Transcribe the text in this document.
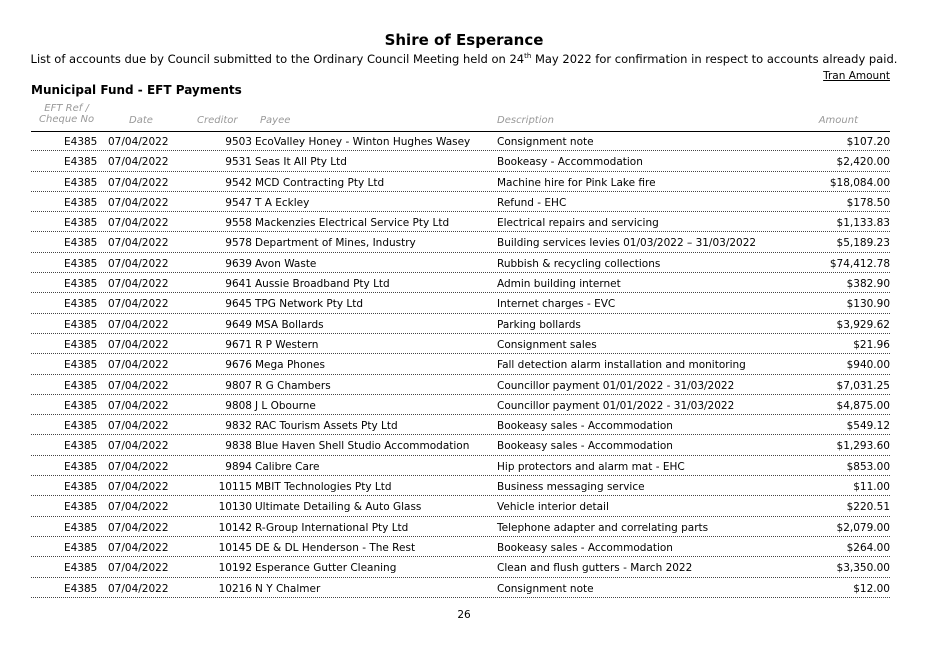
Shire of Esperance
List of accounts due by Council submitted to the Ordinary Council Meeting held on 24th May 2022 for confirmation in respect to accounts already paid.
Tran Amount
Municipal Fund - EFT Payments
EFT Ref /
Cheque No	Date	Creditor Payee	Description	Amount
E4385 07/04/2022	9503 EcoValley Honey - Winton Hughes Wasey	Consignment note	$107.20
E4385 07/04/2022	9531 Seas It All Pty Ltd	Bookeasy - Accommodation	$2,420.00
E4385 07/04/2022	9542 MCD Contracting Pty Ltd	Machine hire for Pink Lake fire	$18,084.00
E4385 07/04/2022	9547 T A Eckley	Refund - EHC	$178.50
E4385 07/04/2022	9558 Mackenzies Electrical Service Pty Ltd	Electrical repairs and servicing	$1,133.83
E4385 07/04/2022	9578 Department of Mines, Industry	Building services levies 01/03/2022 – 31/03/2022	$5,189.23
E4385 07/04/2022	9639 Avon Waste	Rubbish & recycling collections	$74,412.78
E4385 07/04/2022	9641 Aussie Broadband Pty Ltd	Admin building internet	$382.90
E4385 07/04/2022	9645 TPG Network Pty Ltd	Internet charges - EVC	$130.90
E4385 07/04/2022	9649 MSA Bollards	Parking bollards	$3,929.62
E4385 07/04/2022	9671 R P Western	Consignment sales	$21.96
E4385 07/04/2022	9676 Mega Phones	Fall detection alarm installation and monitoring	$940.00
E4385 07/04/2022	9807 R G Chambers	Councillor payment 01/01/2022 - 31/03/2022	$7,031.25
E4385 07/04/2022	9808 J L Obourne	Councillor payment 01/01/2022 - 31/03/2022	$4,875.00
E4385 07/04/2022	9832 RAC Tourism Assets Pty Ltd	Bookeasy sales - Accommodation	$549.12
E4385 07/04/2022	9838 Blue Haven Shell Studio Accommodation	Bookeasy sales - Accommodation	$1,293.60
E4385 07/04/2022	9894 Calibre Care	Hip protectors and alarm mat - EHC	$853.00
E4385 07/04/2022	10115 MBIT Technologies Pty Ltd	Business messaging service	$11.00
E4385 07/04/2022	10130 Ultimate Detailing & Auto Glass	Vehicle interior detail	$220.51
E4385 07/04/2022	10142 R-Group International Pty Ltd	Telephone adapter and correlating parts	$2,079.00
E4385 07/04/2022	10145 DE & DL Henderson - The Rest	Bookeasy sales - Accommodation	$264.00
E4385 07/04/2022	10192 Esperance Gutter Cleaning	Clean and flush gutters - March 2022	$3,350.00
E4385 07/04/2022	10216 N Y Chalmer	Consignment note	$12.00
26
